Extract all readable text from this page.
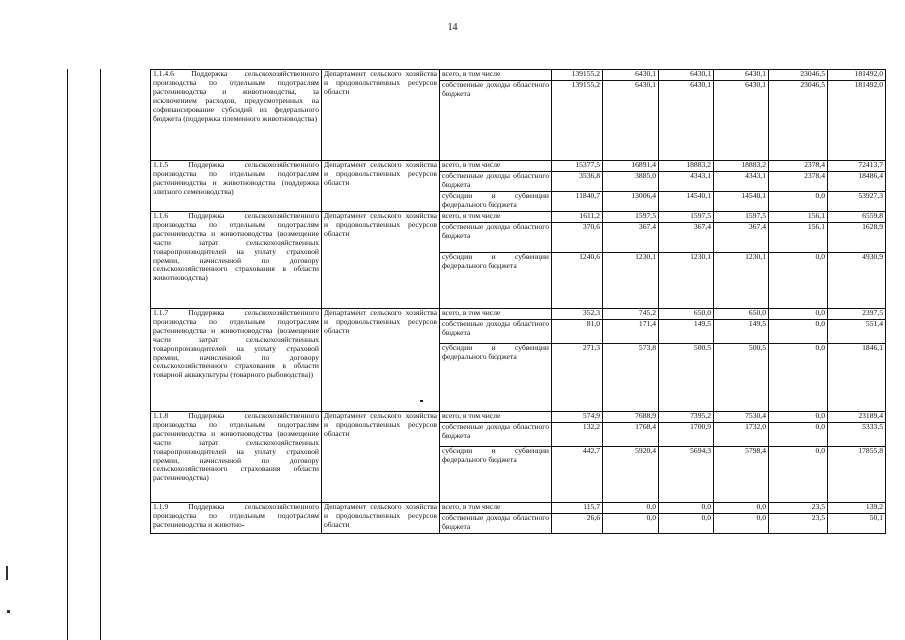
14
1.1.4.6 Поддержка сельскохозяйственного производства по отдельным подотраслям растениеводства и животноводства, за исключением расходов, предусмотренных на софинансирование субсидий из федерального бюджета (поддержка племенного животноводства)	Департамент сельского хозяйства и продовольственных ресурсов области	всего, в том числе	139155,2	6430,1	6430,1	6430,1	23046,5	181492,0
		собственные доходы областного бюджета	139155,2	6430,1	6430,1	6430,1	23046,5	181492,0
1.1.5 Поддержка сельскохозяйственного производства по отдельным подотраслям растениеводства и животноводства (поддержка элитного семеноводства)	Департамент сельского хозяйства и продовольственных ресурсов области	всего, в том числе	15377,5	16891,4	18883,2	18883,2	2378,4	72413,7
		собственные доходы областного бюджета	3536,8	3885,0	4343,1	4343,1	2378,4	18486,4
		субсидии и субвенции федерального бюджета	11840,7	13006,4	14540,1	14540,1	0,0	53927,3
1.1.6 Поддержка сельскохозяйственного производства по отдельным подотраслям растениеводства и животноводства (возмещение части затрат сельскохозяйственных товаропроизводителей на уплату страховой премии, начисленной по договору сельскохозяйственного страхования в области животноводства)	Департамент сельского хозяйства и продовольственных ресурсов области	всего, в том числе	1611,2	1597,5	1597,5	1597,5	156,1	6559,8
		собственные доходы областного бюджета	370,6	367,4	367,4	367,4	156,1	1628,9
		субсидии и субвенции федерального бюджета	1240,6	1230,1	1230,1	1230,1	0,0	4930,9
1.1.7 Поддержка сельскохозяйственного производства по отдельным подотраслям растениеводства и животноводства (возмещение части затрат сельскохозяйственных товаропроизводителей на уплату страховой премии, начисленной по договору сельскохозяйственного страхования в области товарной аквакультуры (товарного рыбоводства))	Департамент сельского хозяйства и продовольственных ресурсов области	всего, в том числе	352,3	745,2	650,0	650,0	0,0	2397,5
		собственные доходы областного бюджета	81,0	171,4	149,5	149,5	0,0	551,4
		субсидии и субвенции федерального бюджета	271,3	573,8	500,5	500,5	0,0	1846,1
1.1.8 Поддержка сельскохозяйственного производства по отдельным подотраслям растениеводства и животноводства (возмещение части затрат сельскохозяйственных товаропроизводителей на уплату страховой премии, начисленной по договору сельскохозяйственного страхования области растениеводства)	Департамент сельского хозяйства и продовольственных ресурсов области	всего, в том числе	574,9	7688,9	7395,2	7530,4	0,0	23189,4
		собственные доходы областного бюджета	132,2	1768,4	1700,9	1732,0	0,0	5333,5
		субсидии и субвенции федерального бюджета	442,7	5920,4	5694,3	5798,4	0,0	17855,8
1.1.9 Поддержка сельскохозяйственного производства по отдельным подотраслям растениеводства и животно-	Департамент сельского хозяйства и продовольственных ресурсов области	всего, в том числе	115,7	0,0	0,0	0,0	23,5	139,2
		собственные доходы областного бюджета	26,6	0,0	0,0	0,0	23,5	50,1
